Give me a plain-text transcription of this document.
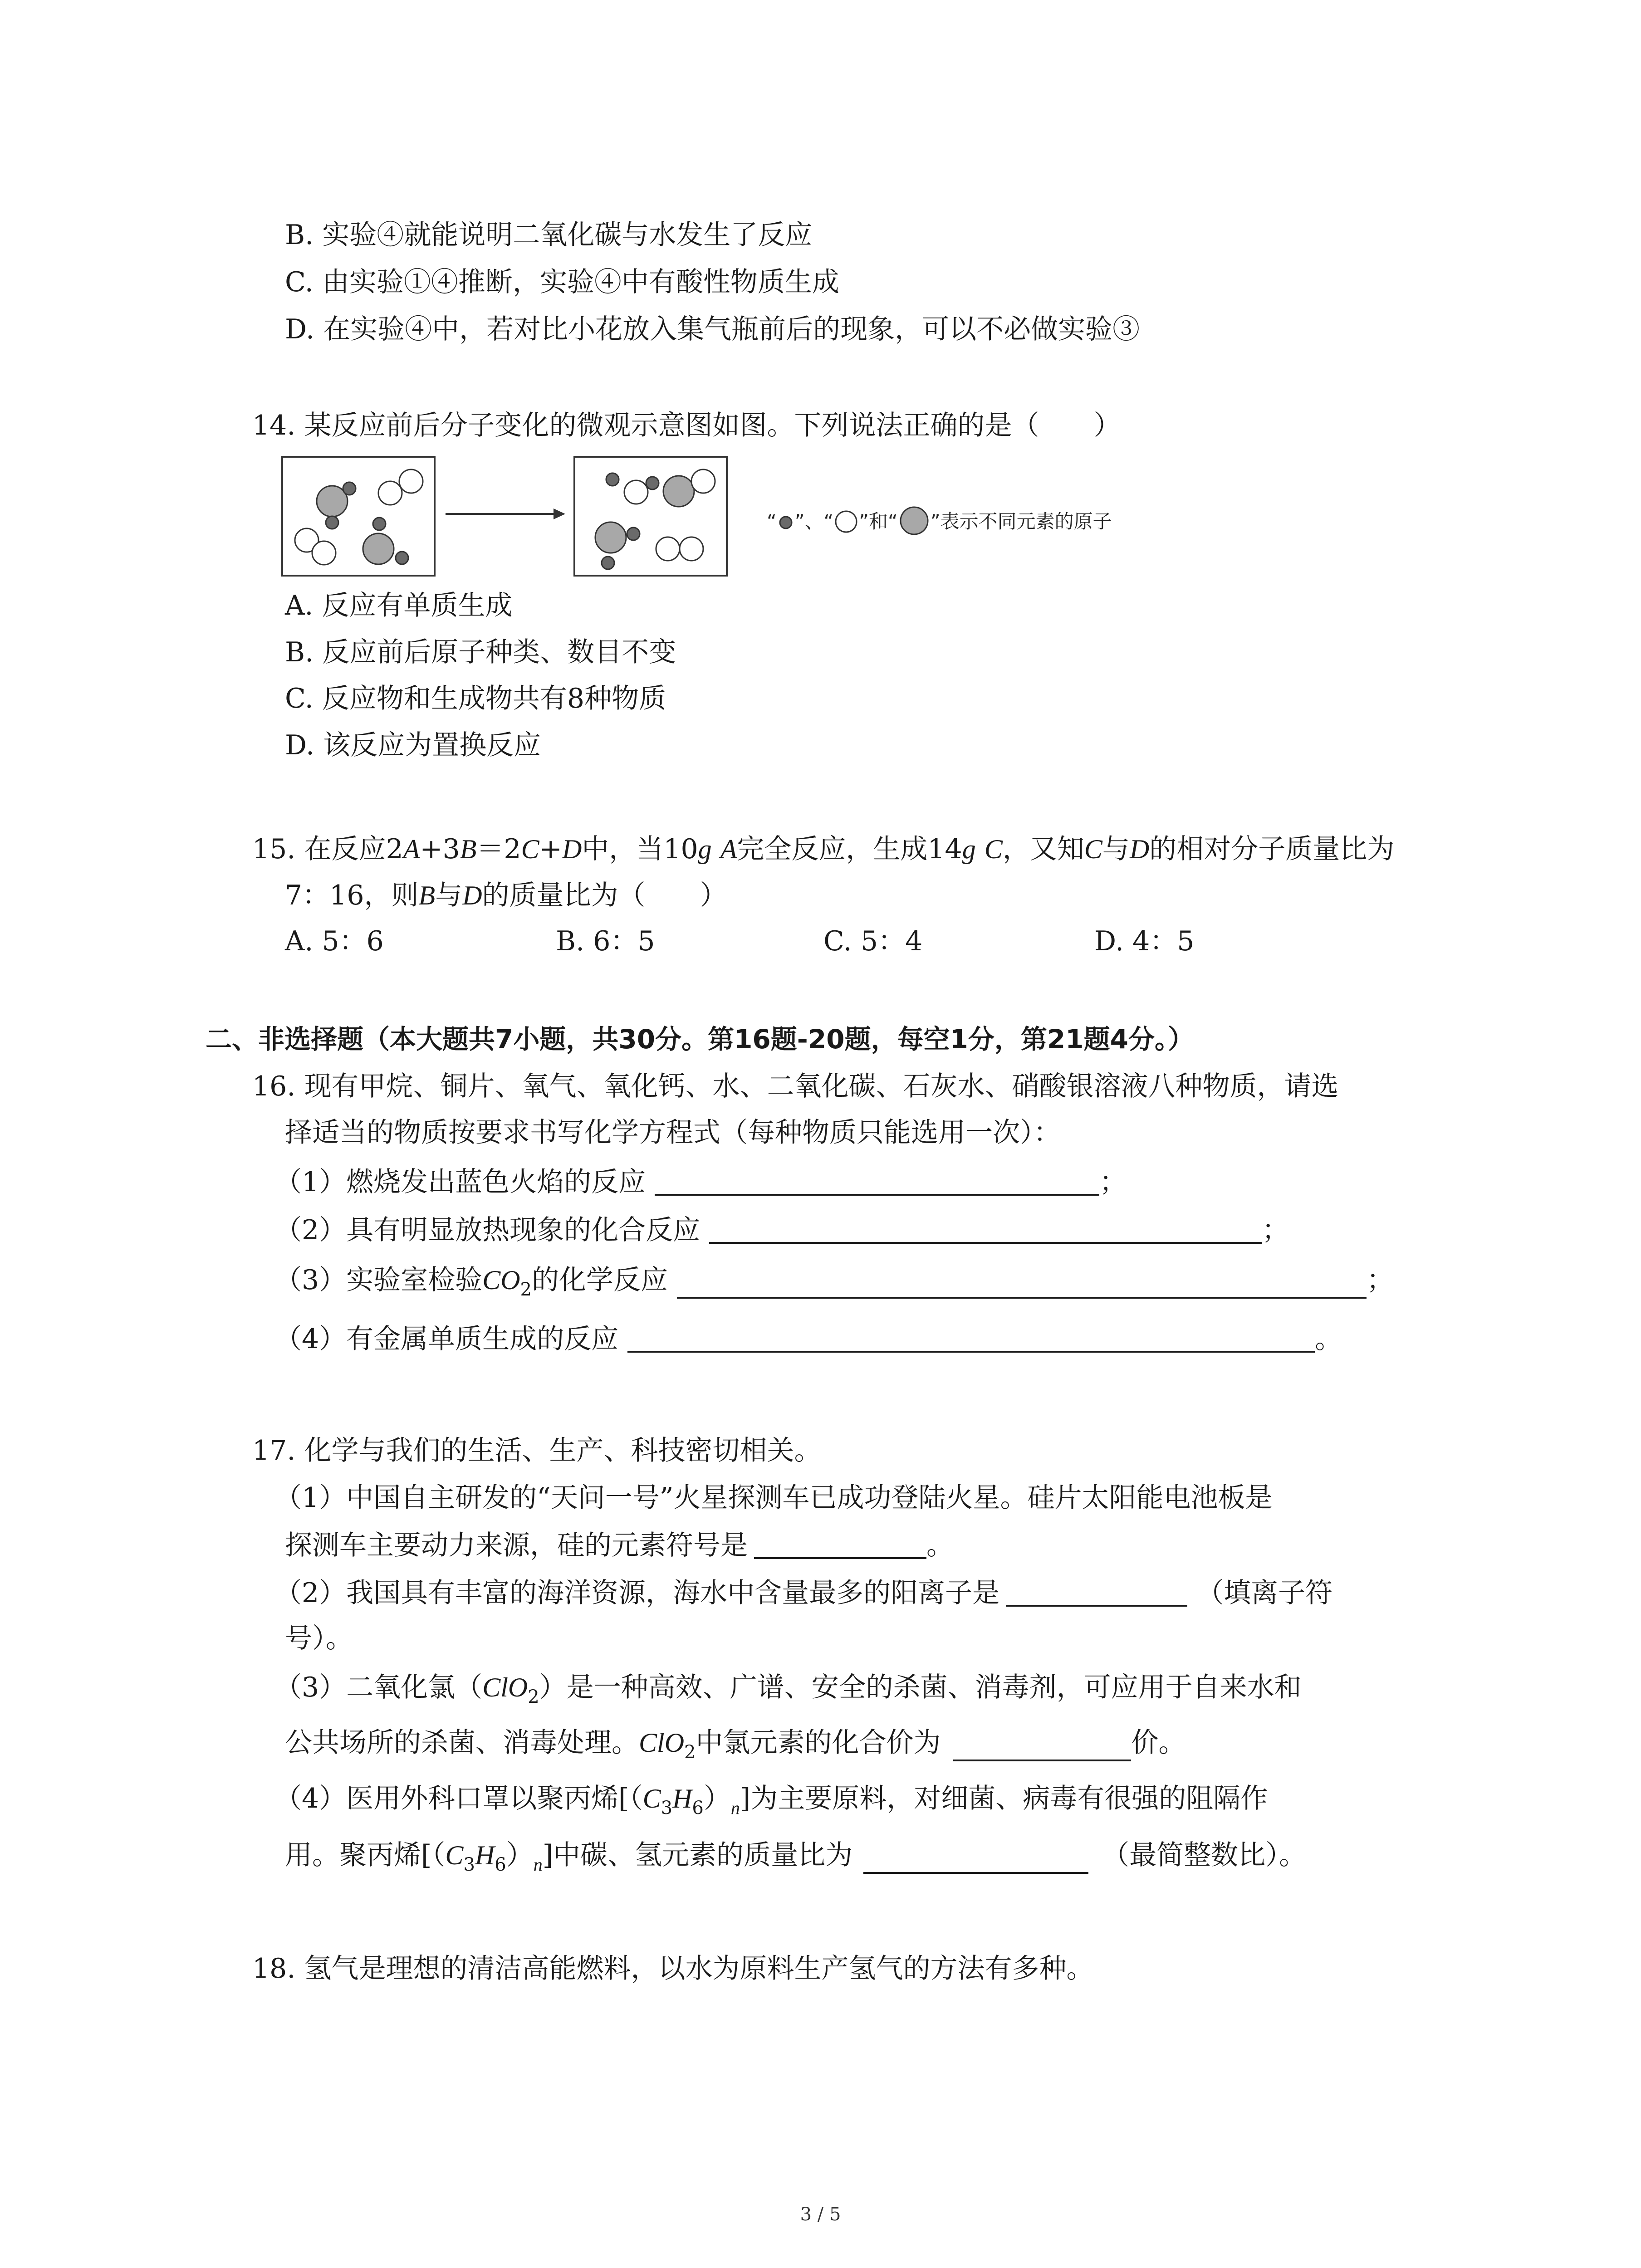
B. 实验④就能说明二氧化碳与水发生了反应
C. 由实验①④推断，实验④中有酸性物质生成
D. 在实验④中，若对比小花放入集气瓶前后的现象，可以不必做实验③
14. 某反应前后分子变化的微观示意图如图。下列说法正确的是（　　）
“ ”、“ ”和“ ”表示不同元素的原子
A. 反应有单质生成
B. 反应前后原子种类、数目不变
C. 反应物和生成物共有8种物质
D. 该反应为置换反应
15. 在反应2A+3B＝2C+D中，当10g A完全反应，生成14g C，又知C与D的相对分子质量比为
7：16，则B与D的质量比为（　　）
A. 5：6	B. 6：5	C. 5：4	D. 4：5
二、非选择题（本大题共7小题，共30分。第16题-20题，每空1分，第21题4分。）
16. 现有甲烷、铜片、氧气、氧化钙、水、二氧化碳、石灰水、硝酸银溶液八种物质，请选
择适当的物质按要求书写化学方程式（每种物质只能选用一次）：
（1）燃烧发出蓝色火焰的反应	；
（2）具有明显放热现象的化合反应	；
（3）实验室检验$CO_2$的化学反应	；
（4）有金属单质生成的反应	。
17. 化学与我们的生活、生产、科技密切相关。
（1）中国自主研发的“天问一号”火星探测车已成功登陆火星。硅片太阳能电池板是
探测车主要动力来源，硅的元素符号是	。
（2）我国具有丰富的海洋资源，海水中含量最多的阳离子是	（填离子符
号）。
（3）二氧化氯（ClO$_2$）是一种高效、广谱、安全的杀菌、消毒剂，可应用于自来水和
公共场所的杀菌、消毒处理。ClO$_2$中氯元素的化合价为	价。
（4）医用外科口罩以聚丙烯$[(C_3H_6)_n]$为主要原料，对细菌、病毒有很强的阻隔作
用。聚丙烯$[(C_3H_6)_n]$中碳、氢元素的质量比为	（最简整数比）。
18. 氢气是理想的清洁高能燃料，以水为原料生产氢气的方法有多种。
3 / 5
